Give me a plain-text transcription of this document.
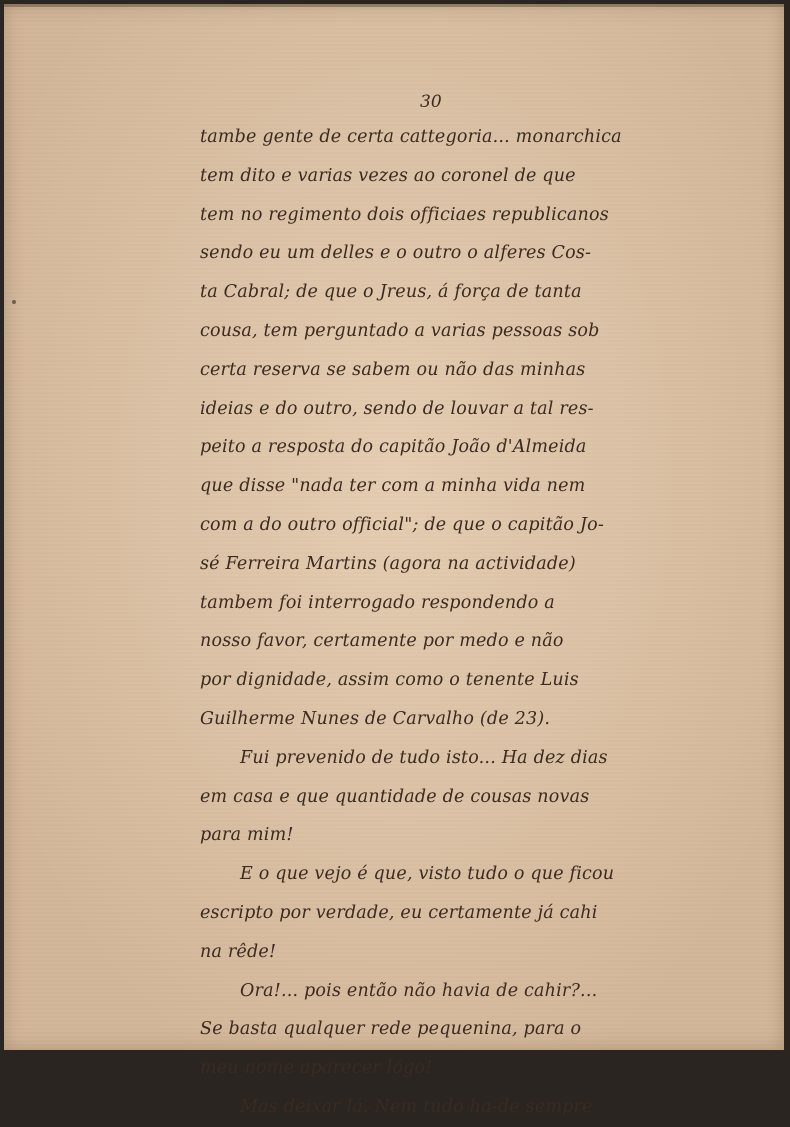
30
tambe gente de certa cattegoria... monarchica
tem dito e varias vezes ao coronel de que
tem no regimento dois officiaes republicanos
sendo eu um delles e o outro o alferes Cos-
ta Cabral; de que o Jreus, á força de tanta
cousa, tem perguntado a varias pessoas sob
certa reserva se sabem ou não das minhas
ideias e do outro, sendo de louvar a tal res-
peito a resposta do capitão João d'Almeida
que disse "nada ter com a minha vida nem
com a do outro official"; de que o capitão Jo-
sé Ferreira Martins (agora na actividade)
tambem foi interrogado respondendo a
nosso favor, certamente por medo e não
por dignidade, assim como o tenente Luis
Guilherme Nunes de Carvalho (de 23).
Fui prevenido de tudo isto... Ha dez dias
em casa e que quantidade de cousas novas
para mim!
E o que vejo é que, visto tudo o que ficou
escripto por verdade, eu certamente já cahi
na rêde!
Ora!... pois então não havia de cahir?...
Se basta qualquer rede pequenina, para o
meu nome aparecer lógo!
Mas deixar lá. Nem tudo ha-de sempre
